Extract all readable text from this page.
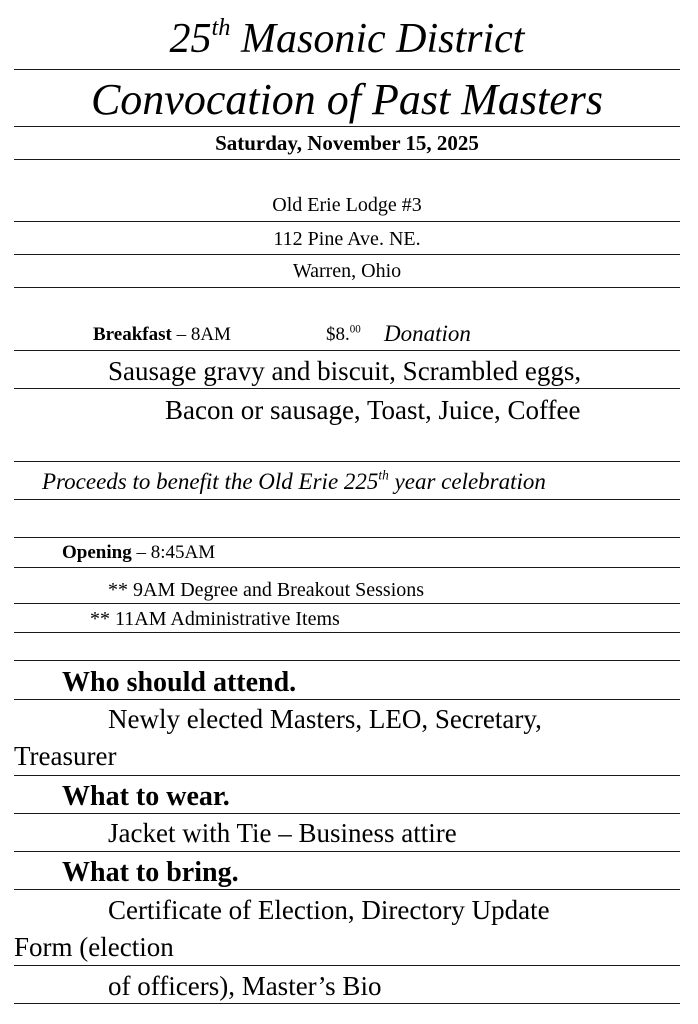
25th Masonic District
Convocation of Past Masters
Saturday, November 15, 2025
Old Erie Lodge #3
112 Pine Ave. NE.
Warren, Ohio
Breakfast – 8AM	$8.00 Donation
Sausage gravy and biscuit, Scrambled eggs,
Bacon or sausage, Toast, Juice, Coffee
Proceeds to benefit the Old Erie 225th year celebration
Opening – 8:45AM
** 9AM Degree and Breakout Sessions
** 11AM Administrative Items
Who should attend.
Newly elected Masters, LEO, Secretary,
Treasurer
What to wear.
Jacket with Tie – Business attire
What to bring.
Certificate of Election, Directory Update
Form (election
of officers), Master’s Bio
